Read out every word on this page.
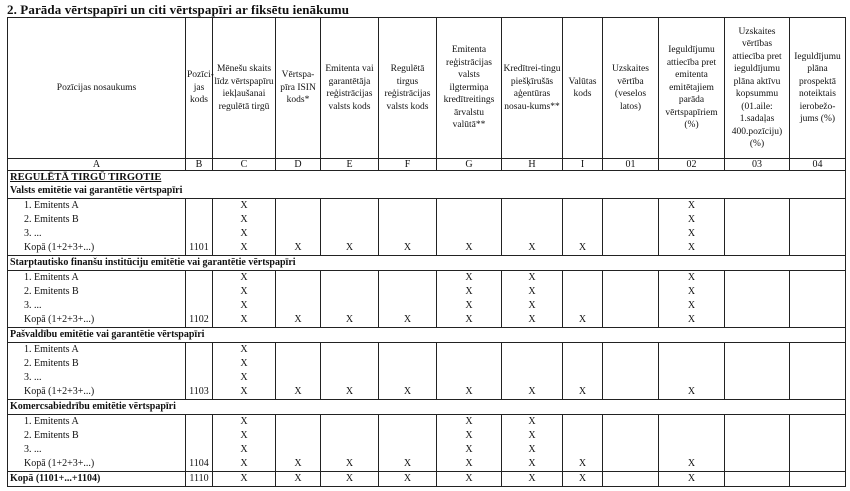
2. Parāda vērtspapīri un citi vērtspapīri ar fiksētu ienākumu
Pozīcijas nosaukums	Pozīci-jas kods	Mēnešu skaits līdz vērtspapīru iekļaušanai regulētā tirgū	Vērtspa-pīra ISIN kods*	Emitenta vai garantētāja reģistrācijas valsts kods	Regulētā tirgus reģistrācijas valsts kods	Emitenta reģistrācijas valsts ilgtermiņa kredītreitings ārvalstu valūtā**	Kredītrei-tingu piešķīrušās aģentūras nosau-kums**	Valūtas kods	Uzskaites vērtība (veselos latos)	Ieguldījumu attiecība pret emitenta emitētajiem parāda vērtspapīriem (%)	Uzskaites vērtības attiecība pret ieguldījumu plāna aktīvu kopsummu (01.aile: 1.sadaļas 400.pozīciju) (%)	Ieguldījumu plāna prospektā noteiktais ierobežo-jums (%)
A	B	C	D	E	F	G	H	I	01	02	03	04
REGULĒTĀ TIRGŪ TIRGOTIE												
Valsts emitētie vai garantētie vērtspapīri												
1. Emitents A		X								X		
2. Emitents B		X								X		
3. ...		X								X		
Kopā (1+2+3+...)	1101	X	X	X	X	X	X	X		X		
Starptautisko finanšu institūciju emitētie vai garantētie vērtspapīri												
1. Emitents A		X				X	X			X		
2. Emitents B		X				X	X			X		
3. ...		X				X	X			X		
Kopā (1+2+3+...)	1102	X	X	X	X	X	X	X		X		
Pašvaldību emitētie vai garantētie vērtspapīri												
1. Emitents A		X										
2. Emitents B		X										
3. ...		X										
Kopā (1+2+3+...)	1103	X	X	X	X	X	X	X		X		
Komercsabiedrību emitētie vērtspapīri												
1. Emitents A		X				X	X					
2. Emitents B		X				X	X					
3. ...		X				X	X					
Kopā (1+2+3+...)	1104	X	X	X	X	X	X	X		X		
Kopā (1101+...+1104)	1110	X	X	X	X	X	X	X		X		
